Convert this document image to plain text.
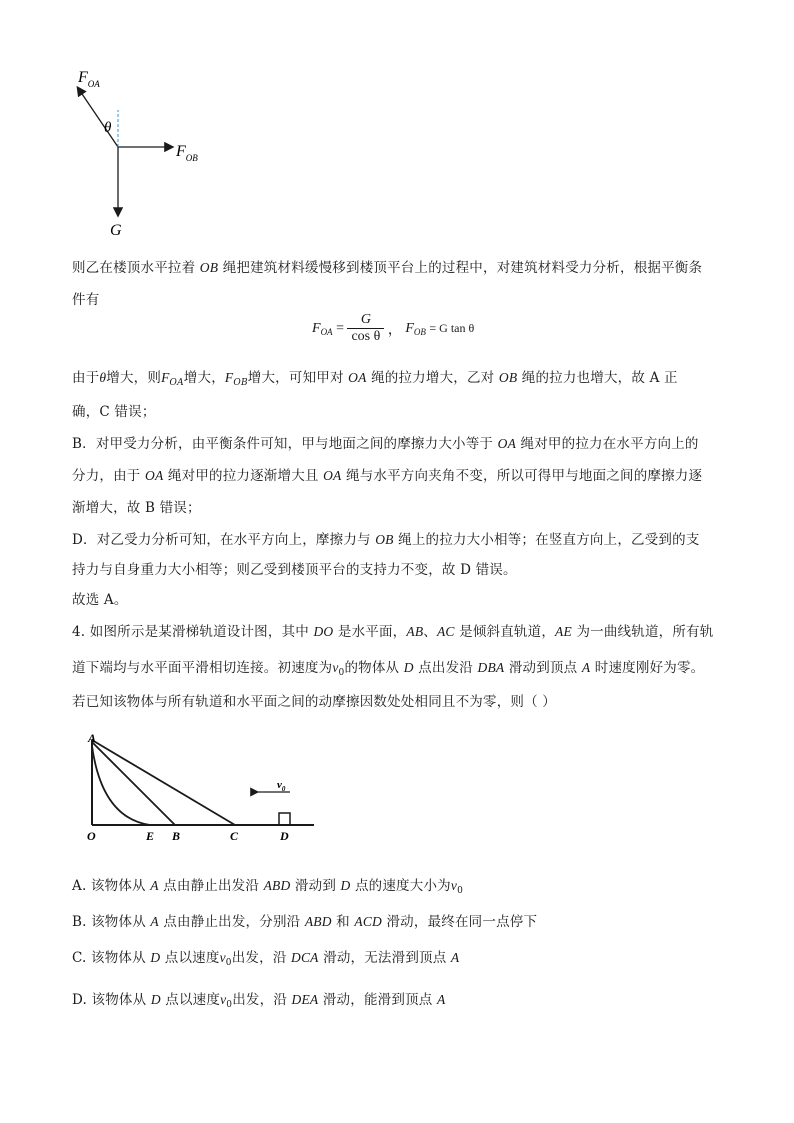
$F_{OA}$
θ
$F_{OB}$
G
则乙在楼顶水平拉着 OB 绳把建筑材料缓慢移到楼顶平台上的过程中，对建筑材料受力分析，根据平衡条
件有
$F_{OA} = \frac{G}{\text{cos θ}}$ ， $F_{OB} = G$ tan θ
由于θ增大，则$F_{OA}$增大，$F_{OB}$增大，可知甲对 OA 绳的拉力增大，乙对 OB 绳的拉力也增大，故 A 正
确，C 错误；
B．对甲受力分析，由平衡条件可知，甲与地面之间的摩擦力大小等于 OA 绳对甲的拉力在水平方向上的
分力，由于 OA 绳对甲的拉力逐渐增大且 OA 绳与水平方向夹角不变，所以可得甲与地面之间的摩擦力逐
渐增大，故 B 错误；
D．对乙受力分析可知，在水平方向上，摩擦力与 OB 绳上的拉力大小相等；在竖直方向上，乙受到的支
持力与自身重力大小相等；则乙受到楼顶平台的支持力不变，故 D 错误。
故选 A。
4. 如图所示是某滑梯轨道设计图，其中 DO 是水平面，AB、AC 是倾斜直轨道，AE 为一曲线轨道，所有轨
道下端均与水平面平滑相切连接。初速度为$v_0$的物体从 D 点出发沿 DBA 滑动到顶点 A 时速度刚好为零。
若已知该物体与所有轨道和水平面之间的动摩擦因数处处相同且不为零，则（ ）
$v_0$
A
O	E B	C	D
A. 该物体从 A 点由静止出发沿 ABD 滑动到 D 点的速度大小为$v_0$
B. 该物体从 A 点由静止出发，分别沿 ABD 和 ACD 滑动，最终在同一点停下
C. 该物体从 D 点以速度$v_0$出发，沿 DCA 滑动，无法滑到顶点 A
D. 该物体从 D 点以速度$v_0$出发，沿 DEA 滑动，能滑到顶点 A
